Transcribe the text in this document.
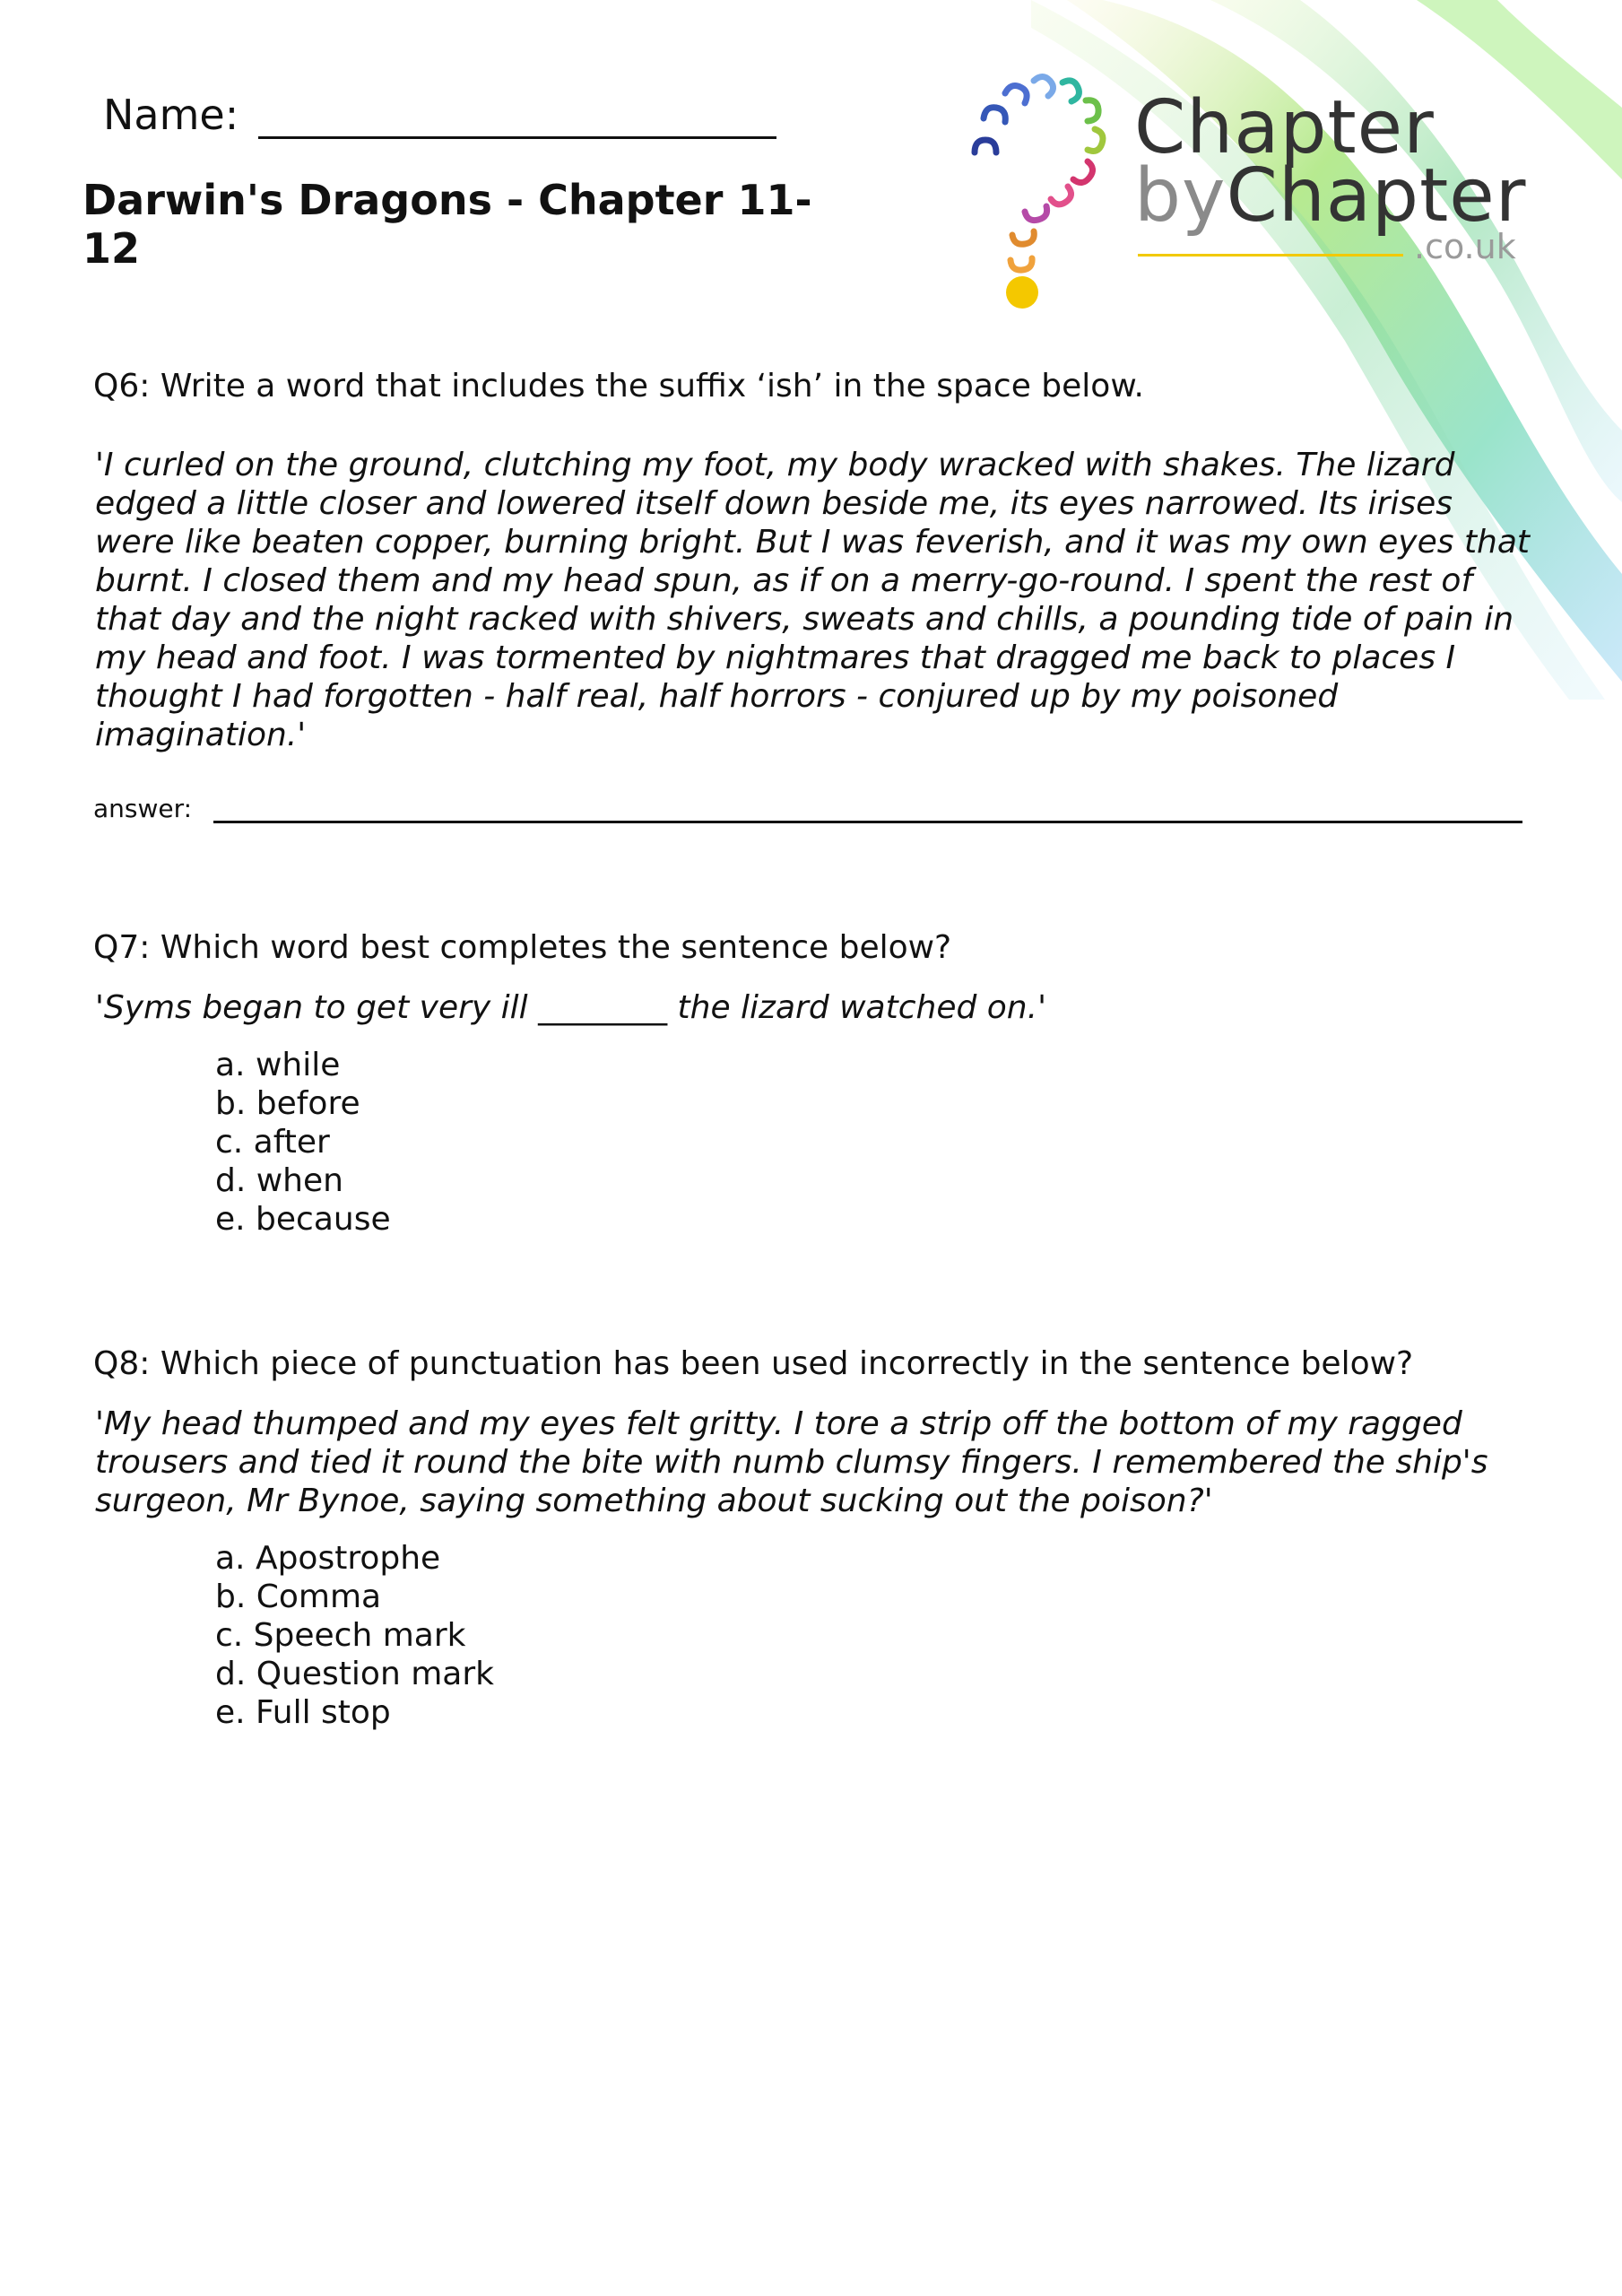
Name:
Darwin's Dragons - Chapter 11-12
Chapter
byChapter
.co.uk

Q6: Write a word that includes the suffix ‘ish’ in the space below.

'I curled on the ground, clutching my foot, my body wracked with shakes. The lizard edged a little closer and lowered itself down beside me, its eyes narrowed. Its irises were like beaten copper, burning bright. But I was feverish, and it was my own eyes that burnt. I closed them and my head spun, as if on a merry-go-round. I spent the rest of that day and the night racked with shivers, sweats and chills, a pounding tide of pain in my head and foot. I was tormented by nightmares that dragged me back to places I thought I had forgotten - half real, half horrors - conjured up by my poisoned imagination.'

answer:

Q7: Which word best completes the sentence below?

'Syms began to get very ill ________ the lizard watched on.'

a. while
b. before
c. after
d. when
e. because

Q8: Which piece of punctuation has been used incorrectly in the sentence below?

'My head thumped and my eyes felt gritty. I tore a strip off the bottom of my ragged trousers and tied it round the bite with numb clumsy fingers. I remembered the ship's surgeon, Mr Bynoe, saying something about sucking out the poison?'

a. Apostrophe
b. Comma
c. Speech mark
d. Question mark
e. Full stop
